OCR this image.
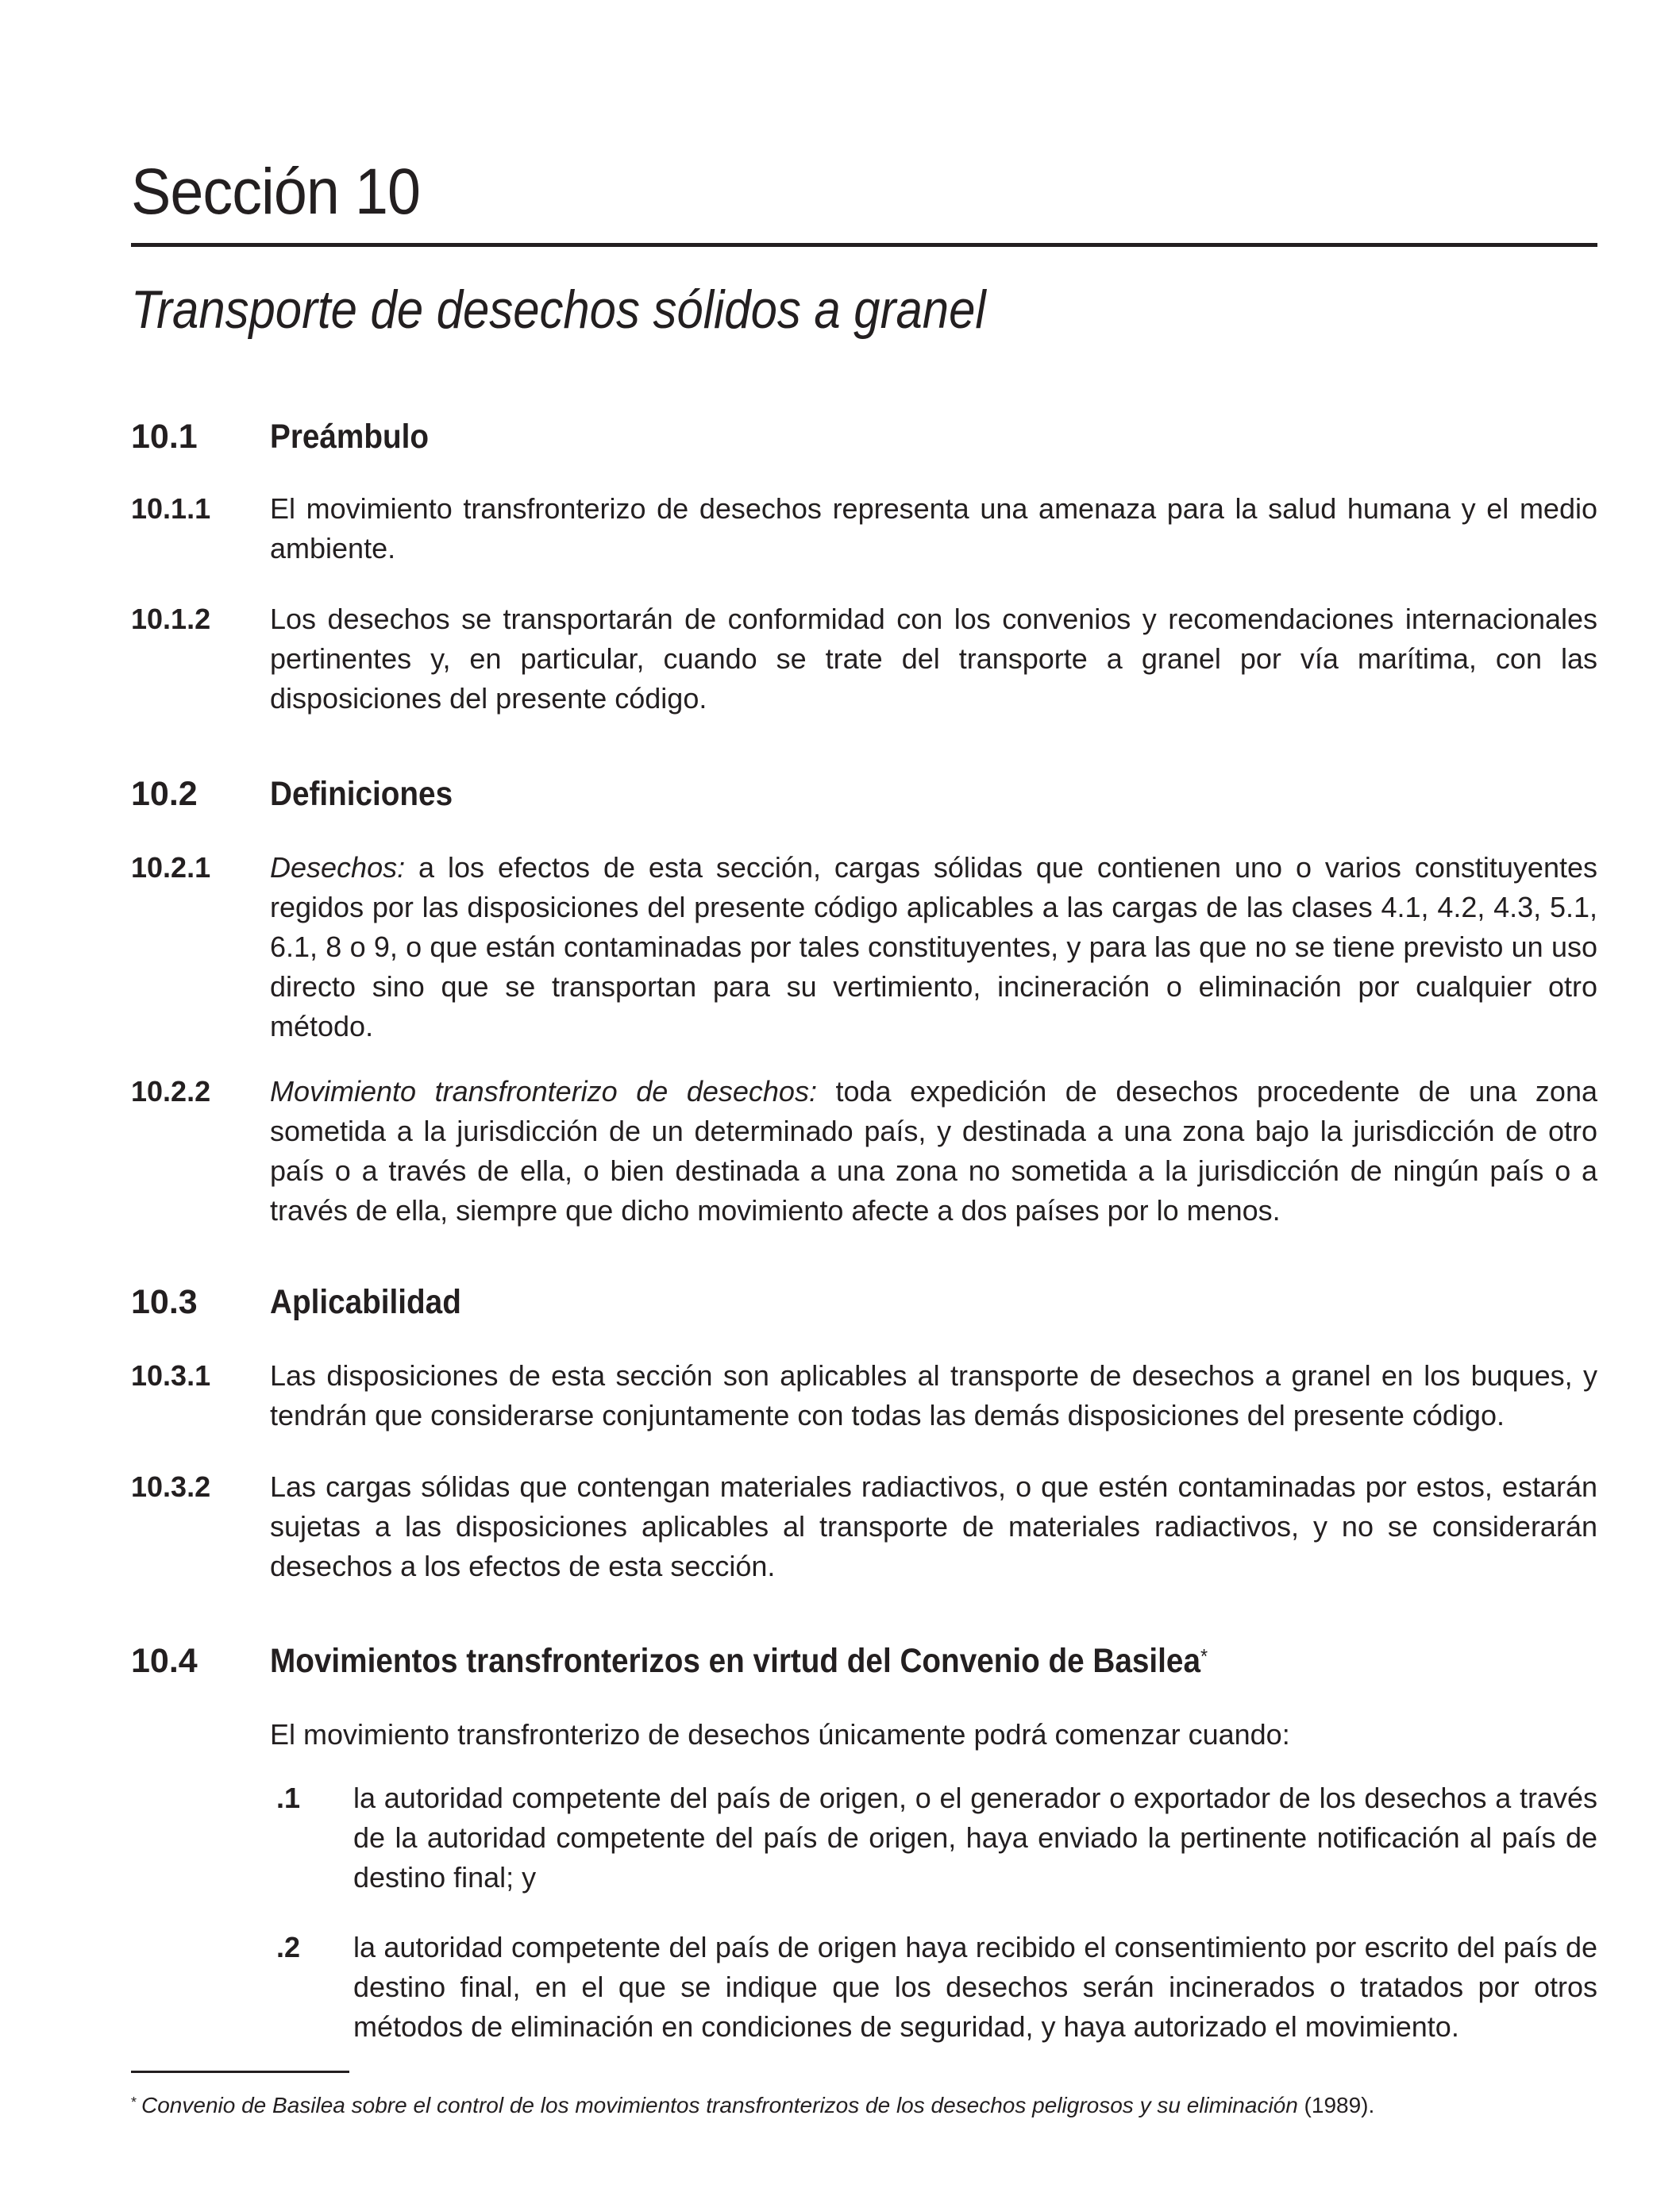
Sección 10
Transporte de desechos sólidos a granel
10.1 Preámbulo
10.1.1 El movimiento transfronterizo de desechos representa una amenaza para la salud humana y el medio ambiente.
10.1.2 Los desechos se transportarán de conformidad con los convenios y recomendaciones internacionales pertinentes y, en particular, cuando se trate del transporte a granel por vía marítima, con las disposiciones del presente código.
10.2 Definiciones
10.2.1 Desechos: a los efectos de esta sección, cargas sólidas que contienen uno o varios constituyentes regidos por las disposiciones del presente código aplicables a las cargas de las clases 4.1, 4.2, 4.3, 5.1, 6.1, 8 o 9, o que están contaminadas por tales constituyentes, y para las que no se tiene previsto un uso directo sino que se transportan para su vertimiento, incineración o eliminación por cualquier otro método.
10.2.2 Movimiento transfronterizo de desechos: toda expedición de desechos procedente de una zona sometida a la jurisdicción de un determinado país, y destinada a una zona bajo la jurisdicción de otro país o a través de ella, o bien destinada a una zona no sometida a la jurisdicción de ningún país o a través de ella, siempre que dicho movimiento afecte a dos países por lo menos.
10.3 Aplicabilidad
10.3.1 Las disposiciones de esta sección son aplicables al transporte de desechos a granel en los buques, y tendrán que considerarse conjuntamente con todas las demás disposiciones del presente código.
10.3.2 Las cargas sólidas que contengan materiales radiactivos, o que estén contaminadas por estos, estarán sujetas a las disposiciones aplicables al transporte de materiales radiactivos, y no se considerarán desechos a los efectos de esta sección.
10.4 Movimientos transfronterizos en virtud del Convenio de Basilea*
El movimiento transfronterizo de desechos únicamente podrá comenzar cuando:
.1 la autoridad competente del país de origen, o el generador o exportador de los desechos a través de la autoridad competente del país de origen, haya enviado la pertinente notificación al país de destino final; y
.2 la autoridad competente del país de origen haya recibido el consentimiento por escrito del país de destino final, en el que se indique que los desechos serán incinerados o tratados por otros métodos de eliminación en condiciones de seguridad, y haya autorizado el movimiento.
* Convenio de Basilea sobre el control de los movimientos transfronterizos de los desechos peligrosos y su eliminación (1989).
